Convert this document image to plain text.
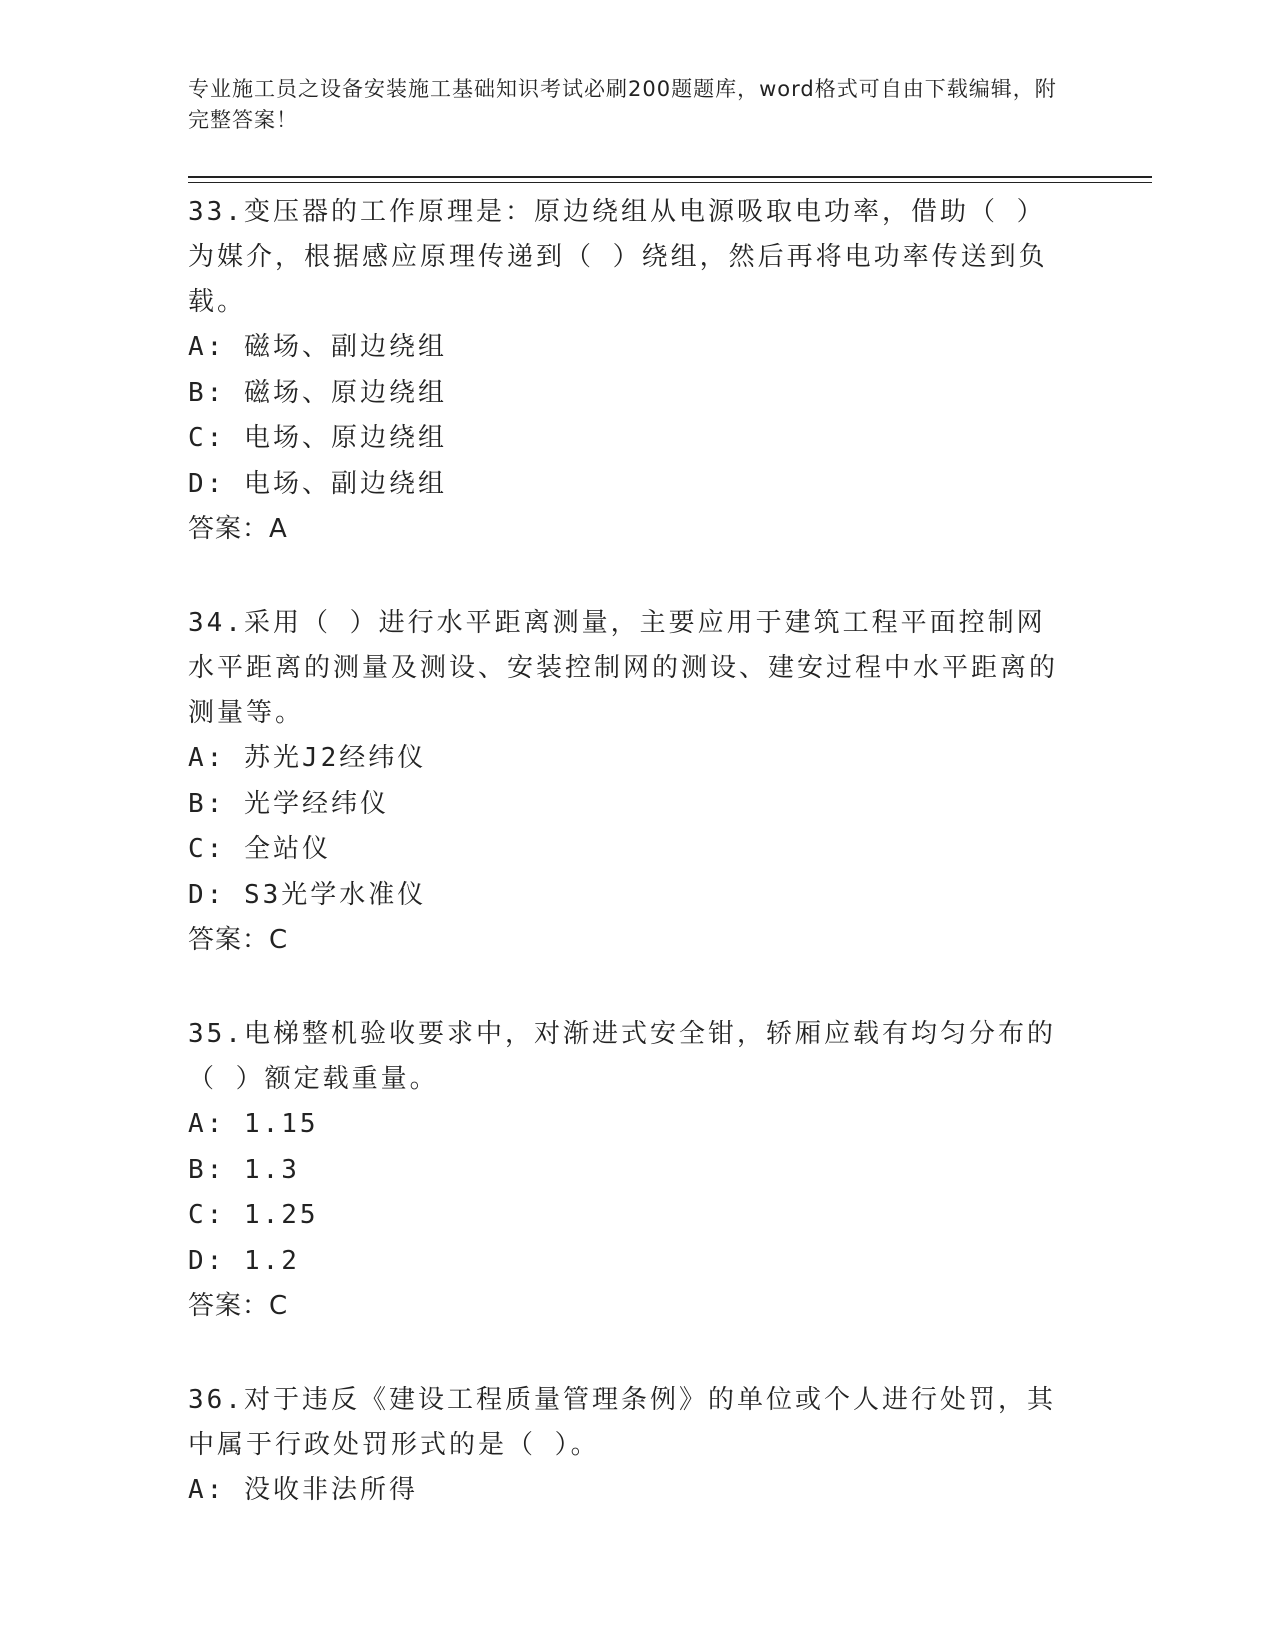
专业施工员之设备安装施工基础知识考试必刷200题题库，word格式可自由下载编辑，附完整答案！

33.变压器的工作原理是：原边绕组从电源吸取电功率，借助（ ）为媒介，根据感应原理传递到（ ）绕组，然后再将电功率传送到负载。

A: 磁场、副边绕组

B: 磁场、原边绕组

C: 电场、原边绕组

D: 电场、副边绕组

答案：A

34.采用（ ）进行水平距离测量，主要应用于建筑工程平面控制网水平距离的测量及测设、安装控制网的测设、建安过程中水平距离的测量等。

A: 苏光J2经纬仪

B: 光学经纬仪

C: 全站仪

D: S3光学水准仪

答案：C

35.电梯整机验收要求中，对渐进式安全钳，轿厢应载有均匀分布的（ ）额定载重量。

A: 1.15

B: 1.3

C: 1.25

D: 1.2

答案：C

36.对于违反《建设工程质量管理条例》的单位或个人进行处罚，其中属于行政处罚形式的是（ ）。

A: 没收非法所得
